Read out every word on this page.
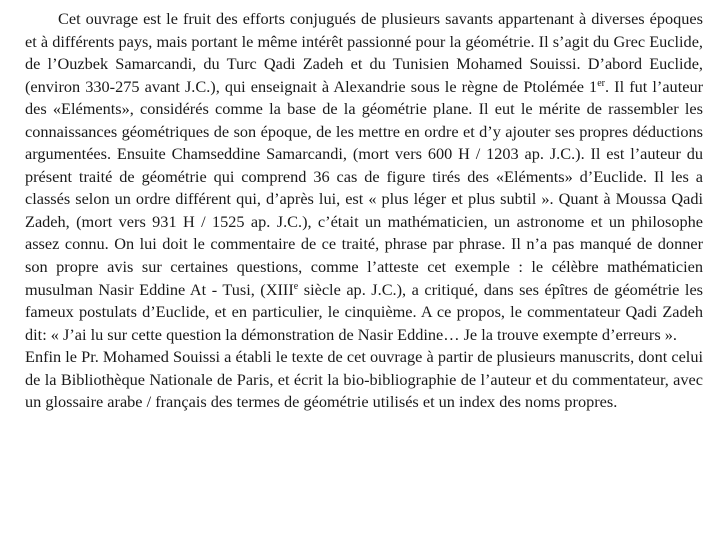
Cet ouvrage est le fruit des efforts conjugués de plusieurs savants appartenant à diverses époques et à différents pays, mais portant le même intérêt passionné pour la géométrie. Il s’agit du Grec Euclide, de l’Ouzbek Samarcandi, du Turc Qadi Zadeh et du Tunisien Mohamed Souissi. D’abord Euclide, (environ 330-275 avant J.C.), qui enseignait à Alexandrie sous le règne de Ptolémée 1er. Il fut l’auteur des «Eléments», considérés comme la base de la géométrie plane. Il eut le mérite de rassembler les connaissances géométriques de son époque, de les mettre en ordre et d’y ajouter ses propres déductions argumentées. Ensuite Chamseddine Samarcandi, (mort vers 600 H / 1203 ap. J.C.). Il est l’auteur du présent traité de géométrie qui comprend 36 cas de figure tirés des «Eléments» d’Euclide. Il les a classés selon un ordre différent qui, d’après lui, est « plus léger et plus subtil ». Quant à Moussa Qadi Zadeh, (mort vers 931 H / 1525 ap. J.C.), c’était un mathématicien, un astronome et un philosophe assez connu. On lui doit le commentaire de ce traité, phrase par phrase. Il n’a pas manqué de donner son propre avis sur certaines questions, comme l’atteste cet exemple : le célèbre mathématicien musulman Nasir Eddine At - Tusi, (XIIIe siècle ap. J.C.), a critiqué, dans ses épîtres de géométrie les fameux postulats d’Euclide, et en particulier, le cinquième. A ce propos, le commentateur Qadi Zadeh dit: « J’ai lu sur cette question la démonstration de Nasir Eddine… Je la trouve exempte d’erreurs ».

Enfin le Pr. Mohamed Souissi a établi le texte de cet ouvrage à partir de plusieurs manuscrits, dont celui de la Bibliothèque Nationale de Paris, et écrit la bio-bibliographie de l’auteur et du commentateur, avec un glossaire arabe / français des termes de géométrie utilisés et un index des noms propres.
